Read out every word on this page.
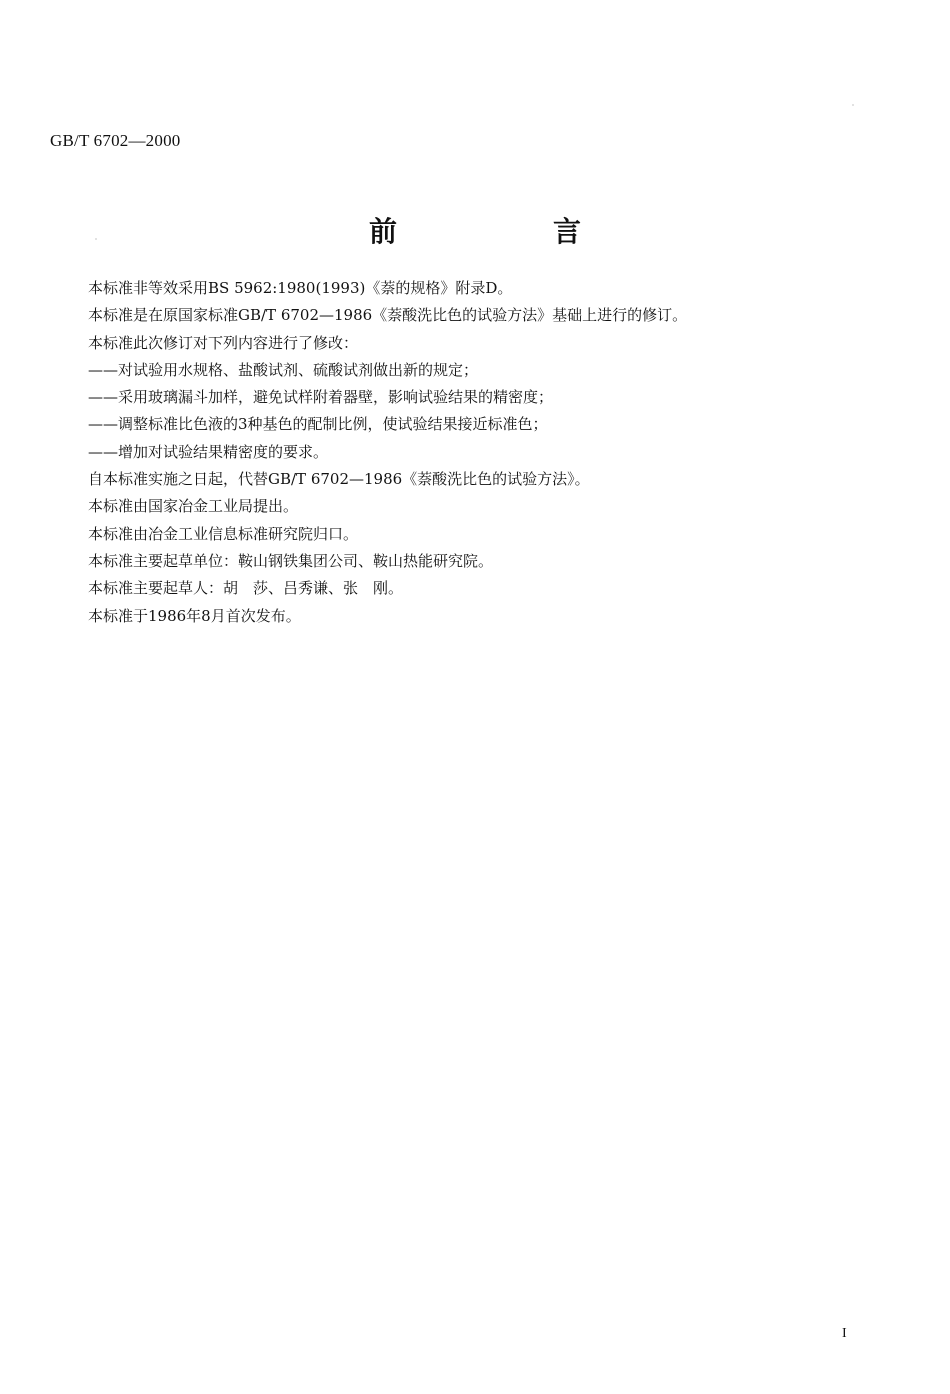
GB/T 6702—2000
前　言
本标准非等效采用BS 5962:1980(1993)《萘的规格》附录D。
本标准是在原国家标准GB/T 6702—1986《萘酸洗比色的试验方法》基础上进行的修订。
本标准此次修订对下列内容进行了修改：
——对试验用水规格、盐酸试剂、硫酸试剂做出新的规定；
——采用玻璃漏斗加样，避免试样附着器壁，影响试验结果的精密度；
——调整标准比色液的3种基色的配制比例，使试验结果接近标准色；
——增加对试验结果精密度的要求。
自本标准实施之日起，代替GB/T 6702—1986《萘酸洗比色的试验方法》。
本标准由国家冶金工业局提出。
本标准由冶金工业信息标准研究院归口。
本标准主要起草单位：鞍山钢铁集团公司、鞍山热能研究院。
本标准主要起草人：胡　莎、吕秀谦、张　刚。
本标准于1986年8月首次发布。
I
